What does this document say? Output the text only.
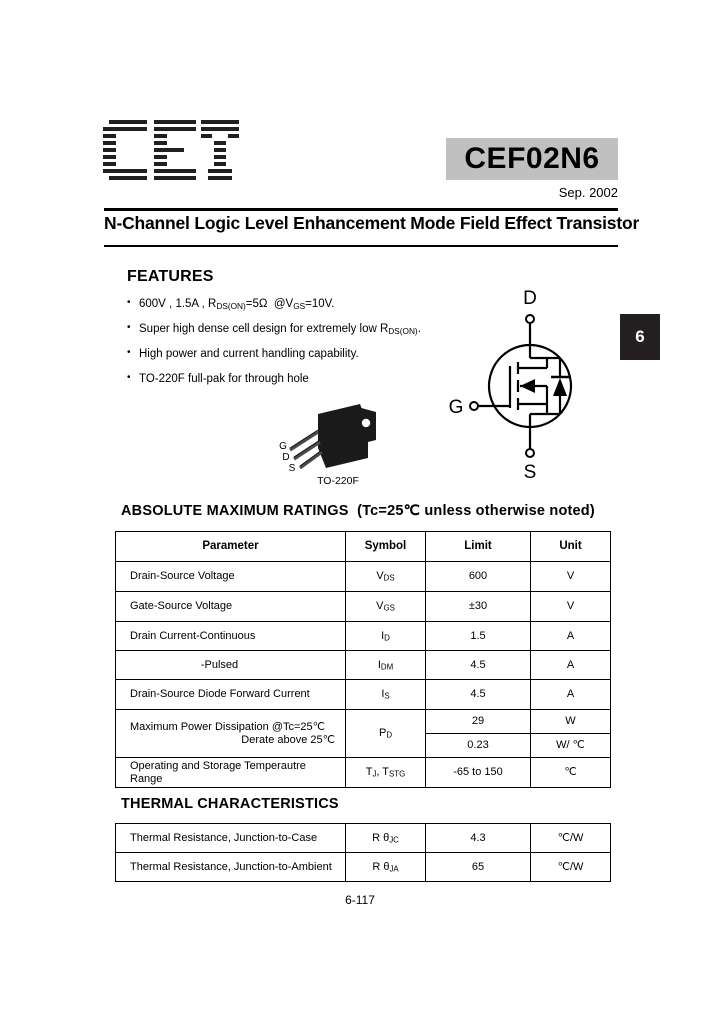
CEF02N6
Sep. 2002
N-Channel Logic Level Enhancement Mode Field Effect Transistor
6
FEATURES
• 600V , 1.5A , $R_{DS(ON)}=5\Omega$  $@V_{GS}=10V$.
• Super high dense cell design for extremely low $R_{DS(ON)}$.
• High power and current handling capability.
• TO-220F full-pak for through hole
D
G
S
G
D
S
TO-220F
ABSOLUTE MAXIMUM RATINGS (Tc=25℃ unless otherwise noted)
Parameter	Symbol	Limit	Unit
Drain-Source Voltage	$V_{DS}$	600	V
Gate-Source Voltage	$V_{GS}$	±30	V
Drain Current-Continuous	$I_D$	1.5	A
-Pulsed	$I_{DM}$	4.5	A
Drain-Source Diode Forward Current	$I_S$	4.5	A
Maximum Power Dissipation @Tc=25℃
Derate above 25℃	$P_D$	29	W
		0.23	W/ ℃
Operating and Storage Temperautre Range	$T_J$, $T_{STG}$	-65 to 150	℃
THERMAL CHARACTERISTICS
Thermal Resistance, Junction-to-Case	R $\theta_{JC}$	4.3	℃/W
Thermal Resistance, Junction-to-Ambient	R $\theta_{JA}$	65	℃/W
6-117
